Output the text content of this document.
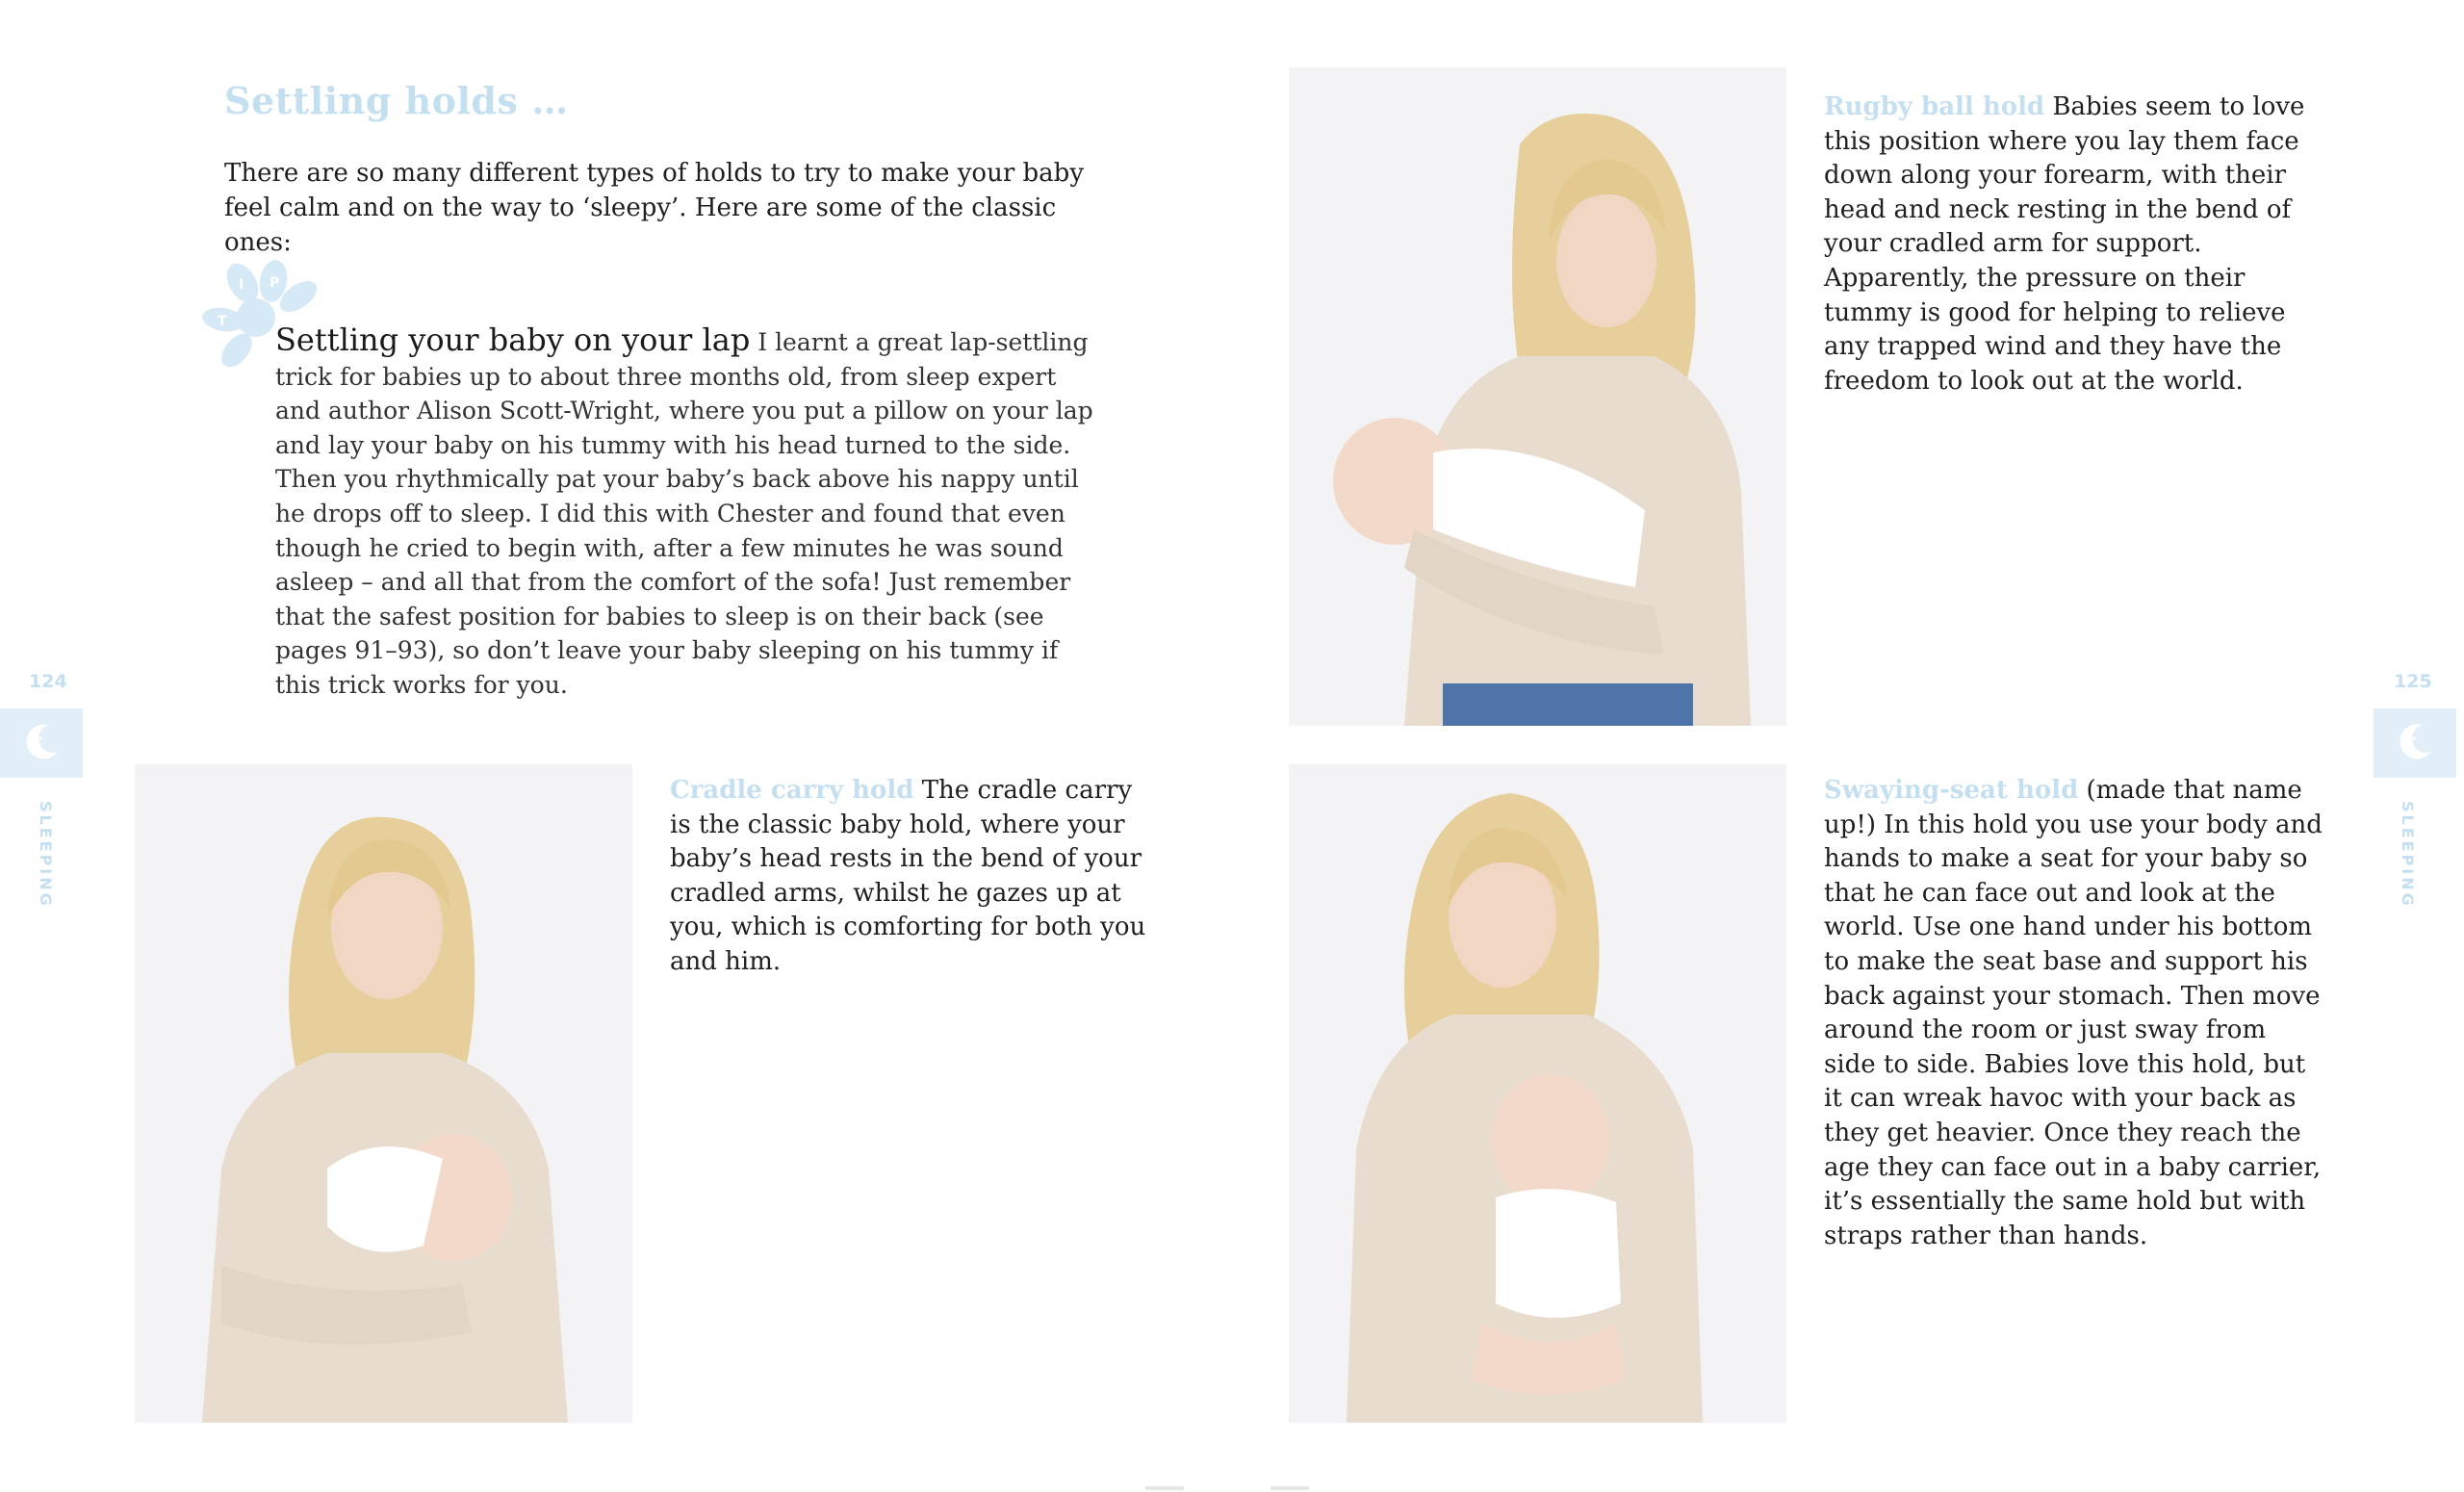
Settling holds …

There are so many different types of holds to try to make your baby feel calm and on the way to ‘sleepy’. Here are some of the classic ones:

I P
T Settling your baby on your lap I learnt a great lap-settling trick for babies up to about three months old, from sleep expert and author Alison Scott-Wright, where you put a pillow on your lap and lay your baby on his tummy with his head turned to the side. Then you rhythmically pat your baby’s back above his nappy until he drops off to sleep. I did this with Chester and found that even though he cried to begin with, after a few minutes he was sound asleep – and all that from the comfort of the sofa! Just remember that the safest position for babies to sleep is on their back (see pages 91–93), so don’t leave your baby sleeping on his tummy if this trick works for you.

Cradle carry hold The cradle carry is the classic baby hold, where your baby’s head rests in the bend of your cradled arms, whilst he gazes up at you, which is comforting for both you and him.

124
SLEEPING

Rugby ball hold Babies seem to love this position where you lay them face down along your forearm, with their head and neck resting in the bend of your cradled arm for support. Apparently, the pressure on their tummy is good for helping to relieve any trapped wind and they have the freedom to look out at the world.

Swaying-seat hold (made that name up!) In this hold you use your body and hands to make a seat for your baby so that he can face out and look at the world. Use one hand under his bottom to make the seat base and support his back against your stomach. Then move around the room or just sway from side to side. Babies love this hold, but it can wreak havoc with your back as they get heavier. Once they reach the age they can face out in a baby carrier, it’s essentially the same hold but with straps rather than hands.

125
SLEEPING
